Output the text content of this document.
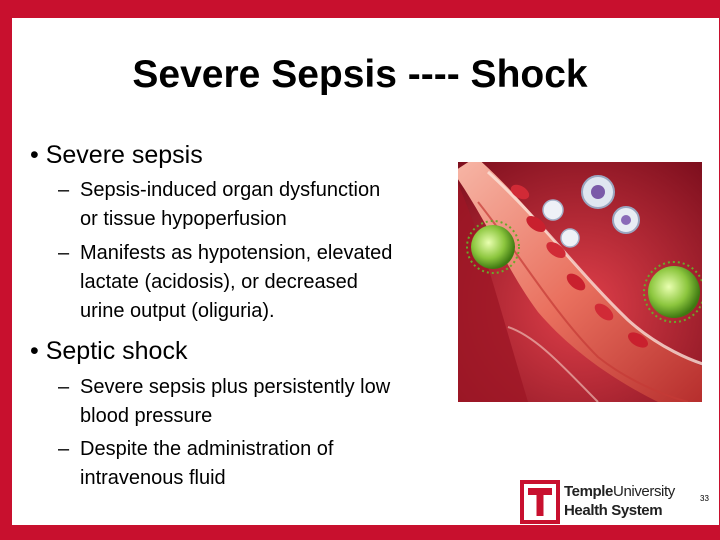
Severe Sepsis ---- Shock
• Severe sepsis
– Sepsis-induced organ dysfunction
or tissue hypoperfusion
– Manifests as hypotension, elevated
lactate (acidosis), or decreased
urine output (oliguria).
• Septic shock
– Severe sepsis plus persistently low
blood pressure
– Despite the administration of
intravenous fluid
TempleUniversity
Health System
33
